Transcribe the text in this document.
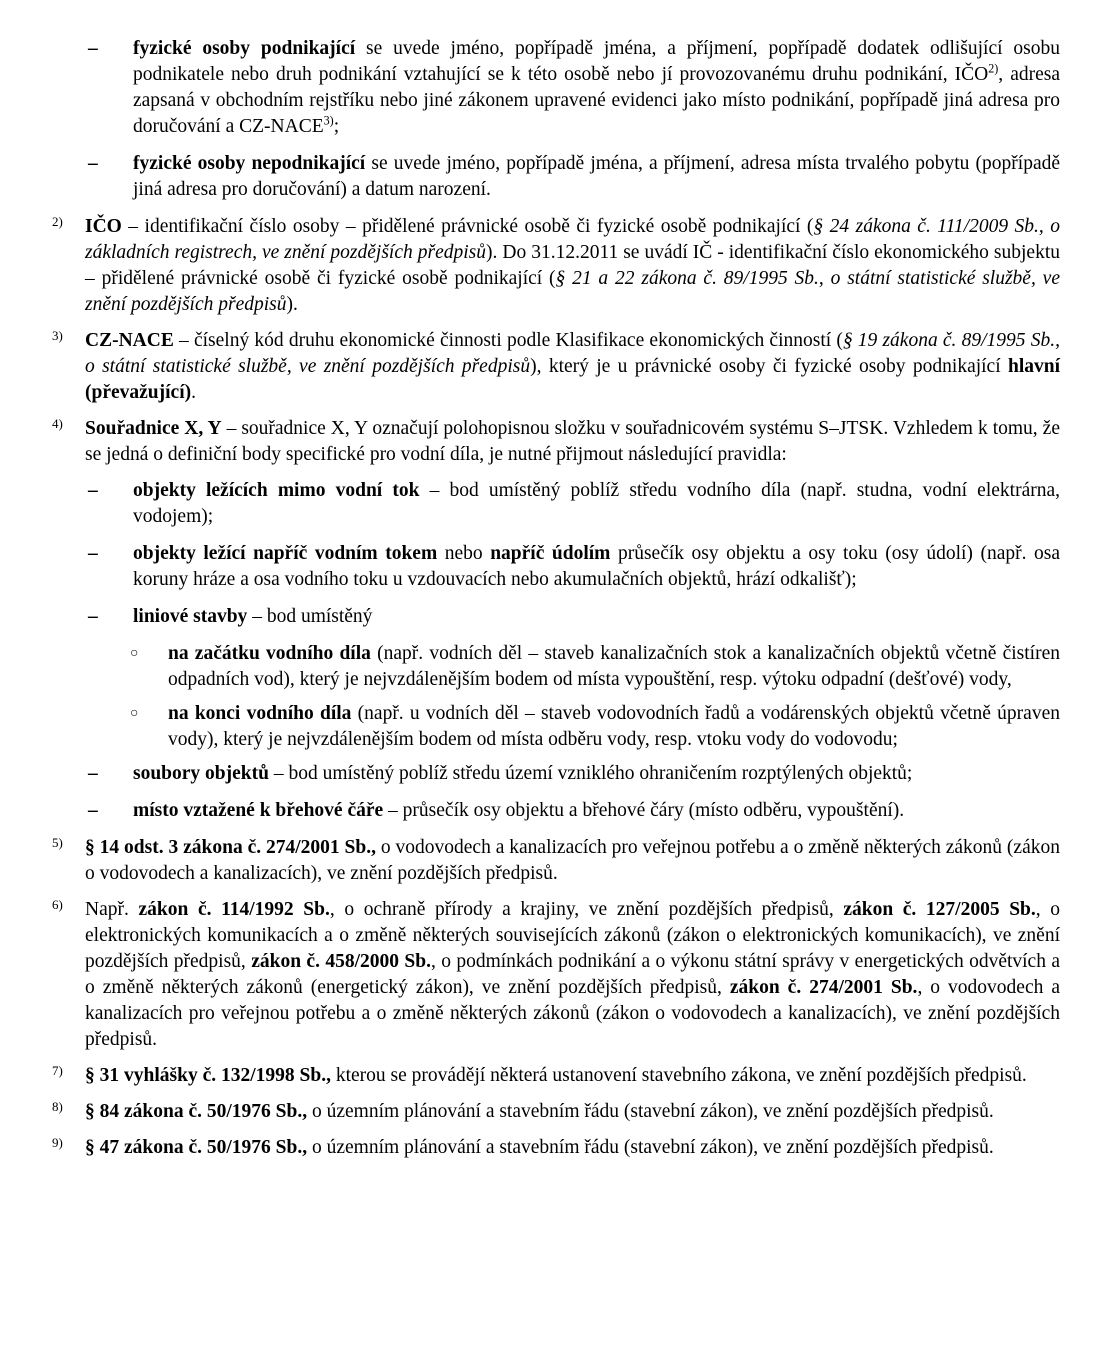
–	fyzické osoby podnikající se uvede jméno, popřípadě jména, a příjmení, popřípadě dodatek odlišující osobu podnikatele nebo druh podnikání vztahující se k této osobě nebo jí provozovanému druhu podnikání, IČO$^{2)}$, adresa zapsaná v obchodním rejstříku nebo jiné zákonem upravené evidenci jako místo podnikání, popřípadě jiná adresa pro doručování a CZ-NACE$^{3)}$;
–	fyzické osoby nepodnikající se uvede jméno, popřípadě jména, a příjmení, adresa místa trvalého pobytu (popřípadě jiná adresa pro doručování) a datum narození.
2)	IČO – identifikační číslo osoby – přidělené právnické osobě či fyzické osobě podnikající (§ 24 zákona č. 111/2009 Sb., o základních registrech, ve znění pozdějších předpisů). Do 31.12.2011 se uvádí IČ - identifikační číslo ekonomického subjektu – přidělené právnické osobě či fyzické osobě podnikající (§ 21 a 22 zákona č. 89/1995 Sb., o státní statistické službě, ve znění pozdějších předpisů).
3)	CZ-NACE – číselný kód druhu ekonomické činnosti podle Klasifikace ekonomických činností (§ 19 zákona č. 89/1995 Sb., o státní statistické službě, ve znění pozdějších předpisů), který je u právnické osoby či fyzické osoby podnikající hlavní (převažující).
4)	Souřadnice X, Y – souřadnice X, Y označují polohopisnou složku v souřadnicovém systému S–JTSK. Vzhledem k tomu, že se jedná o definiční body specifické pro vodní díla, je nutné přijmout následující pravidla:
–	objekty ležících mimo vodní tok – bod umístěný poblíž středu vodního díla (např. studna, vodní elektrárna, vodojem);
–	objekty ležící napříč vodním tokem nebo napříč údolím průsečík osy objektu a osy toku (osy údolí) (např. osa koruny hráze a osa vodního toku u vzdouvacích nebo akumulačních objektů, hrází odkališť);
–	liniové stavby – bod umístěný
○	na začátku vodního díla (např. vodních děl – staveb kanalizačních stok a kanalizačních objektů včetně čistíren odpadních vod), který je nejvzdálenějším bodem od místa vypouštění, resp. výtoku odpadní (dešťové) vody,
○	na konci vodního díla (např. u vodních děl – staveb vodovodních řadů a vodárenských objektů včetně úpraven vody), který je nejvzdálenějším bodem od místa odběru vody, resp. vtoku vody do vodovodu;
–	soubory objektů – bod umístěný poblíž středu území vzniklého ohraničením rozptýlených objektů;
–	místo vztažené k břehové čáře – průsečík osy objektu a břehové čáry (místo odběru, vypouštění).
5)	§ 14 odst. 3 zákona č. 274/2001 Sb., o vodovodech a kanalizacích pro veřejnou potřebu a o změně některých zákonů (zákon o vodovodech a kanalizacích), ve znění pozdějších předpisů.
6)	Např. zákon č. 114/1992 Sb., o ochraně přírody a krajiny, ve znění pozdějších předpisů, zákon č. 127/2005 Sb., o elektronických komunikacích a o změně některých souvisejících zákonů (zákon o elektronických komunikacích), ve znění pozdějších předpisů, zákon č. 458/2000 Sb., o podmínkách podnikání a o výkonu státní správy v energetických odvětvích a o změně některých zákonů (energetický zákon), ve znění pozdějších předpisů, zákon č. 274/2001 Sb., o vodovodech a kanalizacích pro veřejnou potřebu a o změně některých zákonů (zákon o vodovodech a kanalizacích), ve znění pozdějších předpisů.
7)	§ 31 vyhlášky č. 132/1998 Sb., kterou se provádějí některá ustanovení stavebního zákona, ve znění pozdějších předpisů.
8)	§ 84 zákona č. 50/1976 Sb., o územním plánování a stavebním řádu (stavební zákon), ve znění pozdějších předpisů.
9)	§ 47 zákona č. 50/1976 Sb., o územním plánování a stavebním řádu (stavební zákon), ve znění pozdějších předpisů.
